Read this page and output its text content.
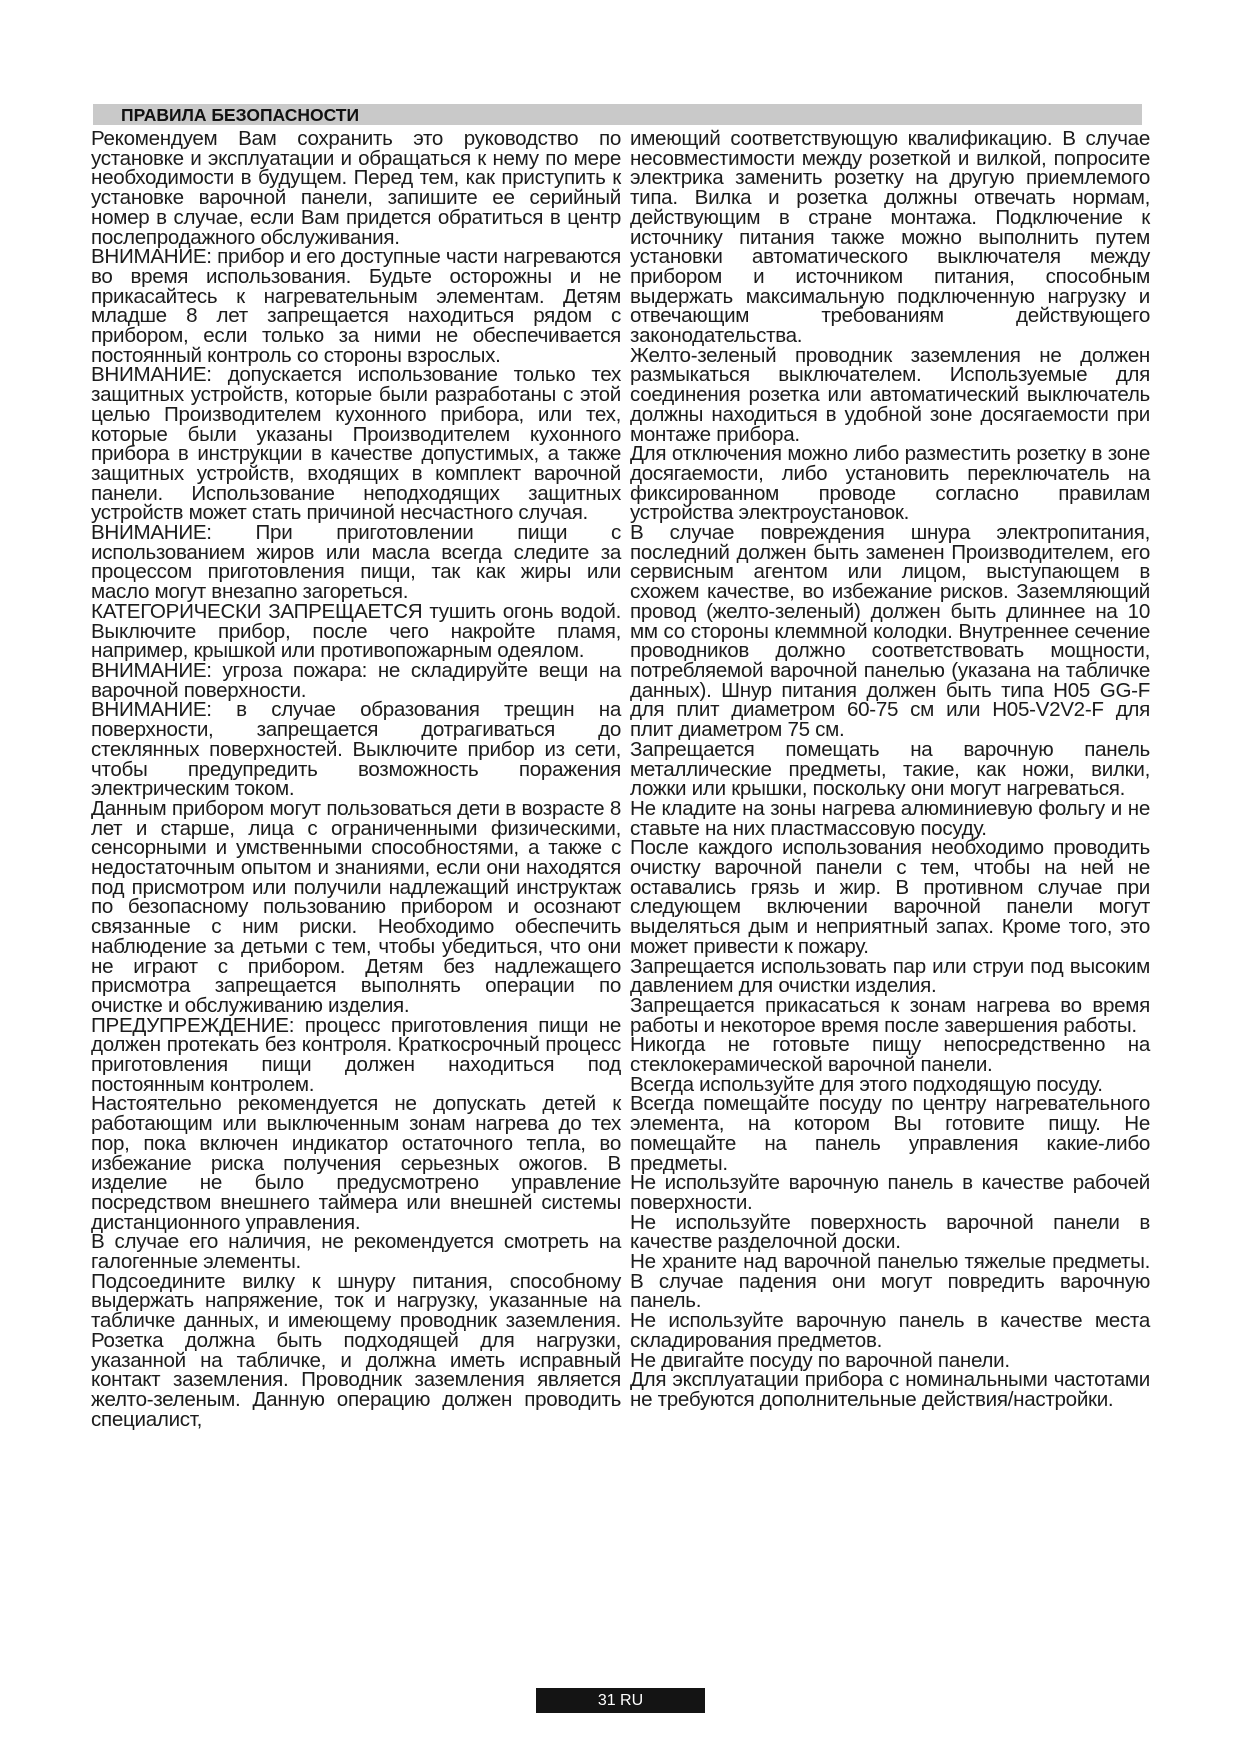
ПРАВИЛА БЕЗОПАСНОСТИ

Рекомендуем Вам сохранить это руководство по установке и эксплуатации и обращаться к нему по мере необходимости в будущем. Перед тем, как приступить к установке варочной панели, запишите ее серийный номер в случае, если Вам придется обратиться в центр послепродажного обслуживания.

ВНИМАНИЕ: прибор и его доступные части нагреваются во время использования. Будьте осторожны и не прикасайтесь к нагревательным элементам. Детям младше 8 лет запрещается находиться рядом с прибором, если только за ними не обеспечивается постоянный контроль со стороны взрослых.

ВНИМАНИЕ: допускается использование только тех защитных устройств, которые были разработаны с этой целью Производителем кухонного прибора, или тех, которые были указаны Производителем кухонного прибора в инструкции в качестве допустимых, а также защитных устройств, входящих в комплект варочной панели. Использование неподходящих защитных устройств может стать причиной несчастного случая.

ВНИМАНИЕ: При приготовлении пищи с использованием жиров или масла всегда следите за процессом приготовления пищи, так как жиры или масло могут внезапно загореться.

КАТЕГОРИЧЕСКИ ЗАПРЕЩАЕТСЯ тушить огонь водой. Выключите прибор, после чего накройте пламя, например, крышкой или противопожарным одеялом.

ВНИМАНИЕ: угроза пожара: не складируйте вещи на варочной поверхности.

ВНИМАНИЕ: в случае образования трещин на поверхности, запрещается дотрагиваться до стеклянных поверхностей. Выключите прибор из сети, чтобы предупредить возможность поражения электрическим током.

Данным прибором могут пользоваться дети в возрасте 8 лет и старше, лица с ограниченными физическими, сенсорными и умственными способностями, а также с недостаточным опытом и знаниями, если они находятся под присмотром или получили надлежащий инструктаж по безопасному пользованию прибором и осознают связанные с ним риски. Необходимо обеспечить наблюдение за детьми с тем, чтобы убедиться, что они не играют с прибором. Детям без надлежащего присмотра запрещается выполнять операции по очистке и обслуживанию изделия.

ПРЕДУПРЕЖДЕНИЕ: процесс приготовления пищи не должен протекать без контроля. Краткосрочный процесс приготовления пищи должен находиться под постоянным контролем.

Настоятельно рекомендуется не допускать детей к работающим или выключенным зонам нагрева до тех пор, пока включен индикатор остаточного тепла, во избежание риска получения серьезных ожогов. В изделие не было предусмотрено управление посредством внешнего таймера или внешней системы дистанционного управления.

В случае его наличия, не рекомендуется смотреть на галогенные элементы.

Подсоедините вилку к шнуру питания, способному выдержать напряжение, ток и нагрузку, указанные на табличке данных, и имеющему проводник заземления. Розетка должна быть подходящей для нагрузки, указанной на табличке, и должна иметь исправный контакт заземления. Проводник заземления является желто-зеленым. Данную операцию должен проводить специалист,

имеющий соответствующую квалификацию. В случае несовместимости между розеткой и вилкой, попросите электрика заменить розетку на другую приемлемого типа. Вилка и розетка должны отвечать нормам, действующим в стране монтажа. Подключение к источнику питания также можно выполнить путем установки автоматического выключателя между прибором и источником питания, способным выдержать максимальную подключенную нагрузку и отвечающим требованиям действующего законодательства.

Желто-зеленый проводник заземления не должен размыкаться выключателем. Используемые для соединения розетка или автоматический выключатель должны находиться в удобной зоне досягаемости при монтаже прибора.

Для отключения можно либо разместить розетку в зоне досягаемости, либо установить переключатель на фиксированном проводе согласно правилам устройства электроустановок.

В случае повреждения шнура электропитания, последний должен быть заменен Производителем, его сервисным агентом или лицом, выступающем в схожем качестве, во избежание рисков. Заземляющий провод (желто-зеленый) должен быть длиннее на 10 мм со стороны клеммной колодки. Внутреннее сечение проводников должно соответствовать мощности, потребляемой варочной панелью (указана на табличке данных). Шнур питания должен быть типа H05 GG-F для плит диаметром 60-75 см или H05-V2V2-F для плит диаметром 75 см.

Запрещается помещать на варочную панель металлические предметы, такие, как ножи, вилки, ложки или крышки, поскольку они могут нагреваться.

Не кладите на зоны нагрева алюминиевую фольгу и не ставьте на них пластмассовую посуду.

После каждого использования необходимо проводить очистку варочной панели с тем, чтобы на ней не оставались грязь и жир. В противном случае при следующем включении варочной панели могут выделяться дым и неприятный запах. Кроме того, это может привести к пожару.

Запрещается использовать пар или струи под высоким давлением для очистки изделия.

Запрещается прикасаться к зонам нагрева во время работы и некоторое время после завершения работы.

Никогда не готовьте пищу непосредственно на стеклокерамической варочной панели.

Всегда используйте для этого подходящую посуду.

Всегда помещайте посуду по центру нагревательного элемента, на котором Вы готовите пищу. Не помещайте на панель управления какие-либо предметы.

Не используйте варочную панель в качестве рабочей поверхности.

Не используйте поверхность варочной панели в качестве разделочной доски.

Не храните над варочной панелью тяжелые предметы. В случае падения они могут повредить варочную панель.

Не используйте варочную панель в качестве места складирования предметов.

Не двигайте посуду по варочной панели.

Для эксплуатации прибора с номинальными частотами не требуются дополнительные действия/настройки.

31 RU
